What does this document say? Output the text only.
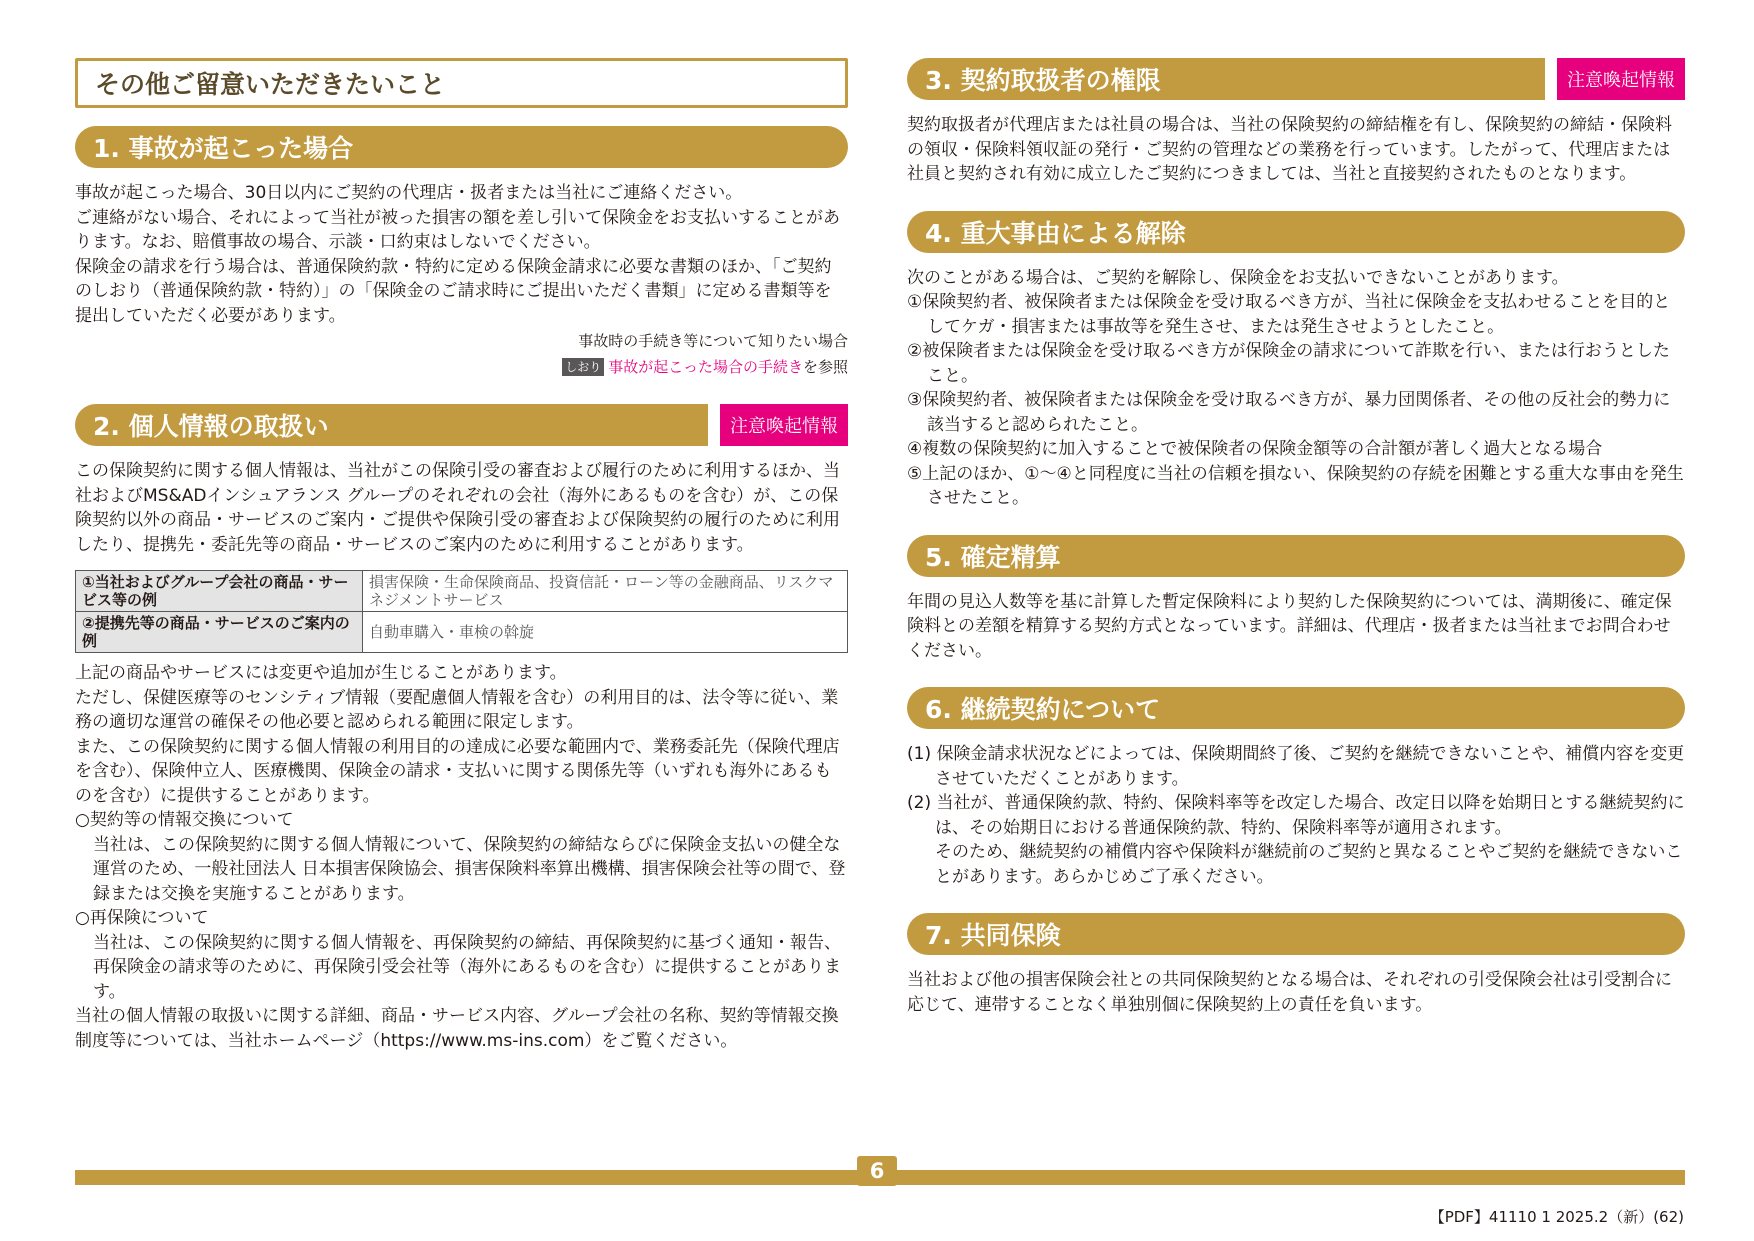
その他ご留意いただきたいこと
1. 事故が起こった場合

事故が起こった場合、30日以内にご契約の代理店・扱者または当社にご連絡ください。

ご連絡がない場合、それによって当社が被った損害の額を差し引いて保険金をお支払いすることがあります。なお、賠償事故の場合、示談・口約束はしないでください。

保険金の請求を行う場合は、普通保険約款・特約に定める保険金請求に必要な書類のほか、「ご契約のしおり（普通保険約款・特約）」の「保険金のご請求時にご提出いただく書類」に定める書類等を提出していただく必要があります。

事故時の手続き等について知りたい場合
しおり 事故が起こった場合の手続きを参照
2. 個人情報の取扱い	注意喚起情報

この保険契約に関する個人情報は、当社がこの保険引受の審査および履行のために利用するほか、当社およびMS&ADインシュアランス グループのそれぞれの会社（海外にあるものを含む）が、この保険契約以外の商品・サービスのご案内・ご提供や保険引受の審査および保険契約の履行のために利用したり、提携先・委託先等の商品・サービスのご案内のために利用することがあります。

①当社およびグループ会社の商品・サービス等の例	損害保険・生命保険商品、投資信託・ローン等の金融商品、リスクマネジメントサービス
②提携先等の商品・サービスのご案内の例	自動車購入・車検の斡旋

上記の商品やサービスには変更や追加が生じることがあります。

ただし、保健医療等のセンシティブ情報（要配慮個人情報を含む）の利用目的は、法令等に従い、業務の適切な運営の確保その他必要と認められる範囲に限定します。

また、この保険契約に関する個人情報の利用目的の達成に必要な範囲内で、業務委託先（保険代理店を含む）、保険仲立人、医療機関、保険金の請求・支払いに関する関係先等（いずれも海外にあるものを含む）に提供することがあります。

○契約等の情報交換について

当社は、この保険契約に関する個人情報について、保険契約の締結ならびに保険金支払いの健全な運営のため、一般社団法人 日本損害保険協会、損害保険料率算出機構、損害保険会社等の間で、登録または交換を実施することがあります。

○再保険について

当社は、この保険契約に関する個人情報を、再保険契約の締結、再保険契約に基づく通知・報告、再保険金の請求等のために、再保険引受会社等（海外にあるものを含む）に提供することがあります。

当社の個人情報の取扱いに関する詳細、商品・サービス内容、グループ会社の名称、契約等情報交換制度等については、当社ホームページ（https://www.ms-ins.com）をご覧ください。

3. 契約取扱者の権限	注意喚起情報

契約取扱者が代理店または社員の場合は、当社の保険契約の締結権を有し、保険契約の締結・保険料の領収・保険料領収証の発行・ご契約の管理などの業務を行っています。したがって、代理店または社員と契約され有効に成立したご契約につきましては、当社と直接契約されたものとなります。

4. 重大事由による解除

次のことがある場合は、ご契約を解除し、保険金をお支払いできないことがあります。

①保険契約者、被保険者または保険金を受け取るべき方が、当社に保険金を支払わせることを目的としてケガ・損害または事故等を発生させ、または発生させようとしたこと。

②被保険者または保険金を受け取るべき方が保険金の請求について詐欺を行い、または行おうとしたこと。

③保険契約者、被保険者または保険金を受け取るべき方が、暴力団関係者、その他の反社会的勢力に該当すると認められたこと。

④複数の保険契約に加入することで被保険者の保険金額等の合計額が著しく過大となる場合

⑤上記のほか、①～④と同程度に当社の信頼を損ない、保険契約の存続を困難とする重大な事由を発生させたこと。

5. 確定精算

年間の見込人数等を基に計算した暫定保険料により契約した保険契約については、満期後に、確定保険料との差額を精算する契約方式となっています。詳細は、代理店・扱者または当社までお問合わせください。

6. 継続契約について

(1) 保険金請求状況などによっては、保険期間終了後、ご契約を継続できないことや、補償内容を変更させていただくことがあります。

(2) 当社が、普通保険約款、特約、保険料率等を改定した場合、改定日以降を始期日とする継続契約には、その始期日における普通保険約款、特約、保険料率等が適用されます。

そのため、継続契約の補償内容や保険料が継続前のご契約と異なることやご契約を継続できないことがあります。あらかじめご了承ください。

7. 共同保険

当社および他の損害保険会社との共同保険契約となる場合は、それぞれの引受保険会社は引受割合に応じて、連帯することなく単独別個に保険契約上の責任を負います。

6
【PDF】41110 1 2025.2（新）(62)
